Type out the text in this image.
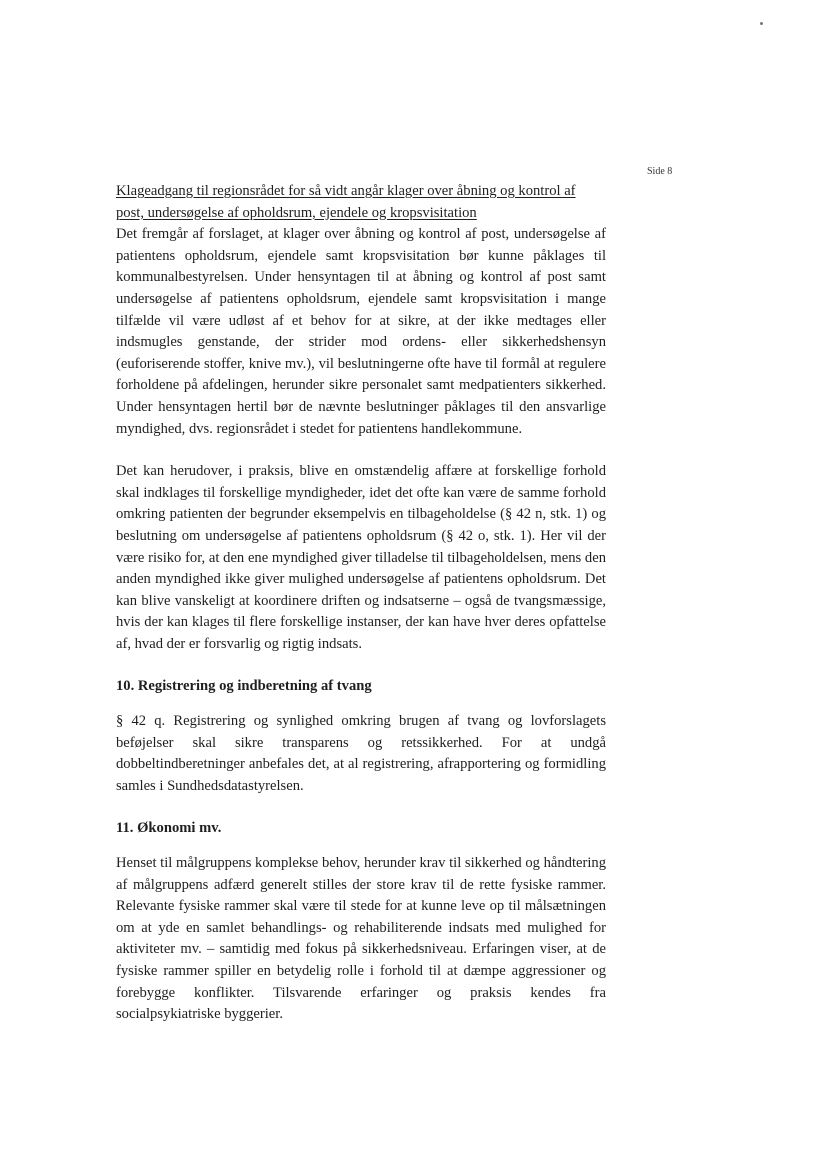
Side 8

Klageadgang til regionsrådet for så vidt angår klager over åbning og kontrol af post, undersøgelse af opholdsrum, ejendele og kropsvisitation

Det fremgår af forslaget, at klager over åbning og kontrol af post, undersøgelse af patientens opholdsrum, ejendele samt kropsvisitation bør kunne påklages til kommunalbestyrelsen. Under hensyntagen til at åbning og kontrol af post samt undersøgelse af patientens opholdsrum, ejendele samt kropsvisitation i mange tilfælde vil være udløst af et behov for at sikre, at der ikke medtages eller indsmugles genstande, der strider mod ordens- eller sikkerhedshensyn (euforiserende stoffer, knive mv.), vil beslutningerne ofte have til formål at regulere forholdene på afdelingen, herunder sikre personalet samt medpatienters sikkerhed. Under hensyntagen hertil bør de nævnte beslutninger påklages til den ansvarlige myndighed, dvs. regionsrådet i stedet for patientens handlekommune.

Det kan herudover, i praksis, blive en omstændelig affære at forskellige forhold skal indklages til forskellige myndigheder, idet det ofte kan være de samme forhold omkring patienten der begrunder eksempelvis en tilbageholdelse (§ 42 n, stk. 1) og beslutning om undersøgelse af patientens opholdsrum (§ 42 o, stk. 1). Her vil der være risiko for, at den ene myndighed giver tilladelse til tilbageholdelsen, mens den anden myndighed ikke giver mulighed undersøgelse af patientens opholdsrum. Det kan blive vanskeligt at koordinere driften og indsatserne – også de tvangsmæssige, hvis der kan klages til flere forskellige instanser, der kan have hver deres opfattelse af, hvad der er forsvarlig og rigtig indsats.

10. Registrering og indberetning af tvang

§ 42 q. Registrering og synlighed omkring brugen af tvang og lovforslagets beføjelser skal sikre transparens og retssikkerhed. For at undgå dobbeltindberetninger anbefales det, at al registrering, afrapportering og formidling samles i Sundhedsdatastyrelsen.

11. Økonomi mv.

Henset til målgruppens komplekse behov, herunder krav til sikkerhed og håndtering af målgruppens adfærd generelt stilles der store krav til de rette fysiske rammer. Relevante fysiske rammer skal være til stede for at kunne leve op til målsætningen om at yde en samlet behandlings- og rehabiliterende indsats med mulighed for aktiviteter mv. – samtidig med fokus på sikkerhedsniveau. Erfaringen viser, at de fysiske rammer spiller en betydelig rolle i forhold til at dæmpe aggressioner og forebygge konflikter. Tilsvarende erfaringer og praksis kendes fra socialpsykiatriske byggerier.
